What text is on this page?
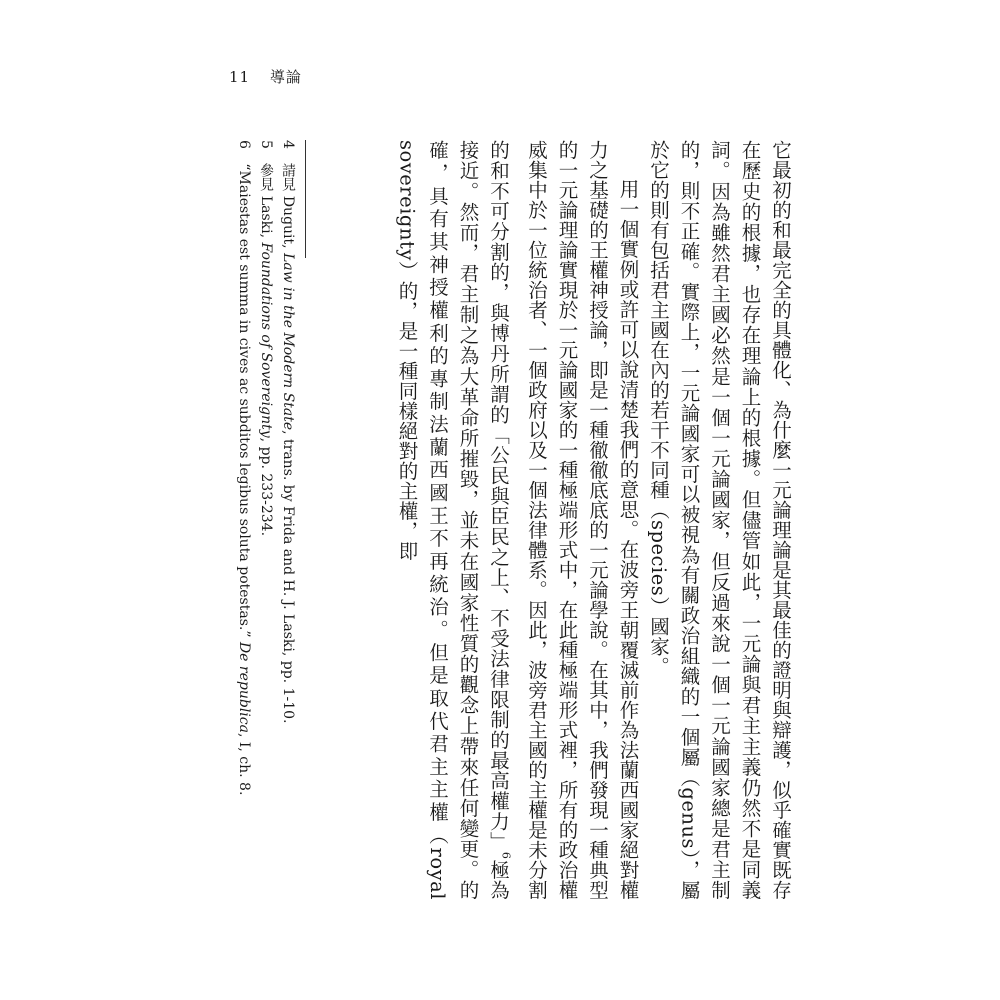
11 導論

它最初的和最完全的具體化、為什麼一元論理論是其最佳的證明與辯護，似乎確實既存在歷史的根據，也存在理論上的根據。但儘管如此，一元論與君主主義仍然不是同義詞。因為雖然君主國必然是一個一元論國家，但反過來說一個一元論國家總是君主制的，則不正確。實際上，一元論國家可以被視為有關政治組織的一個屬（genus），屬於它的則有包括君主國在內的若干不同種（species）國家。

用一個實例或許可以說清楚我們的意思。在波旁王朝覆滅前作為法蘭西國家絕對權力之基礎的王權神授論，即是一種徹徹底底的一元論學說。在其中，我們發現一種典型的一元論理論實現於一元論國家的一種極端形式中，在此種極端形式裡，所有的政治權威集中於一位統治者、一個政府以及一個法律體系。因此，波旁君主國的主權是未分割的和不可分割的，與博丹所謂的「公民與臣民之上、不受法律限制的最高權力」$^6$極為接近。然而，君主制之為大革命所摧毀，並未在國家性質的觀念上帶來任何變更。的確，具有其神授權利的專制法蘭西國王不再統治。但是取代君主主權（royal sovereignty）的，是一種同樣絕對的主權，即

4 請見 Duguit, Law in the Modern State, trans. by Frida and H. J. Laski, pp. 1-10.
5 參見 Laski, Foundations of Sovereignty, pp. 233-234.
6 “Maiestas est summa in cives ac subditos legibus soluta potestas.” De republica, I, ch. 8.
